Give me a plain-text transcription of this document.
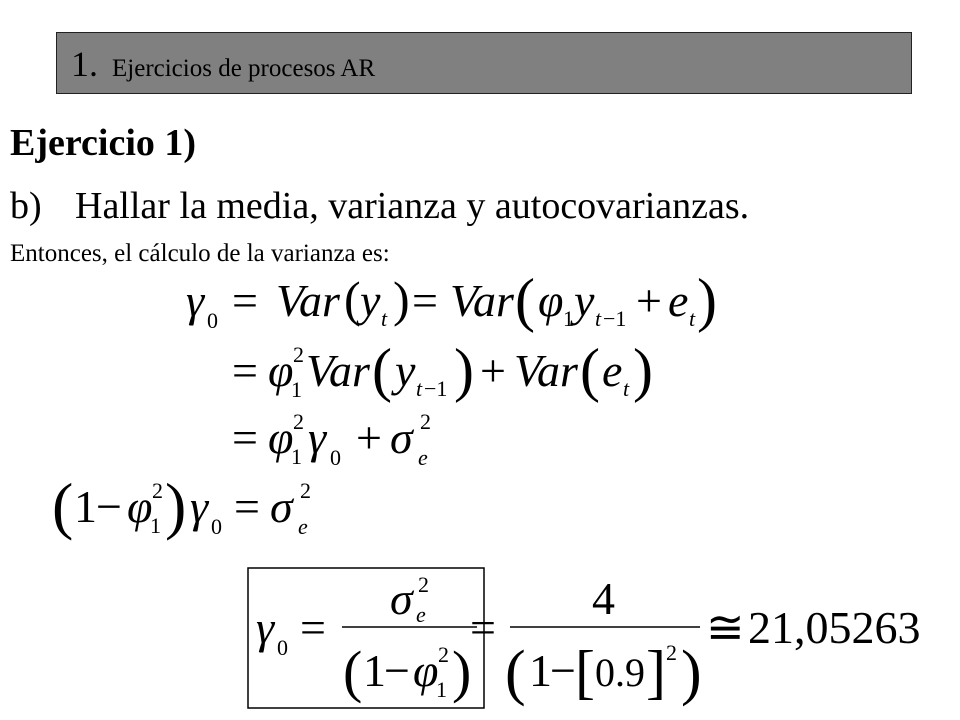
1. Ejercicios de procesos AR
Ejercicio 1)
b) Hallar la media, varianza y autocovarianzas.
Entonces, el cálculo de la varianza es:
γ 0 = Var ( y t ) = Var ( φ 1 y t −1 + e t )
= φ 2
1 Var ( y t −1 ) + Var ( e t )
= φ 2
1 γ 0 + σ 2
e
( 1 − φ 2
1 ) γ 0 = σ 2
e
γ 0 =
σ 2
e
( 1
− φ 2
1 )
=
4
( 1
− [ 0.9 ] 2 )
≅ 21,05263
